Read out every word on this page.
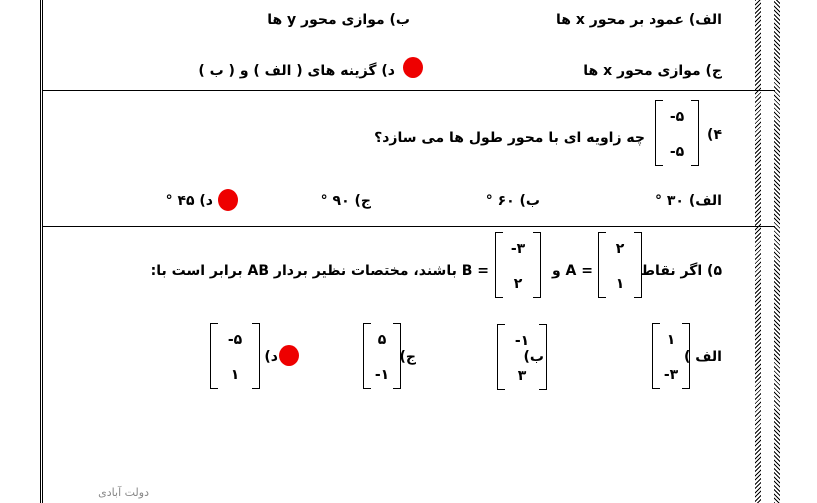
الف) عمود بر محور x ها
ب) موازی محور y ها
ج) موازی محور x ها
د) گزینه های ( الف ) و ( ب )
۴)
-۵
-۵
چه زاویه ای با محور طول ها می سازد؟
الف) ۳۰ °
ب) ۶۰ °
ج) ۹۰ °
د) ۴۵ °
۵) اگر نقاط
۲
۱
= A و
-۳
۲
= B باشند، مختصات نظیر بردار AB برابر است با:
الف )
۱
-۳
ب)
-۱
۳
ج)
۵
-۱
د)
-۵
۱
دولت آبادی
